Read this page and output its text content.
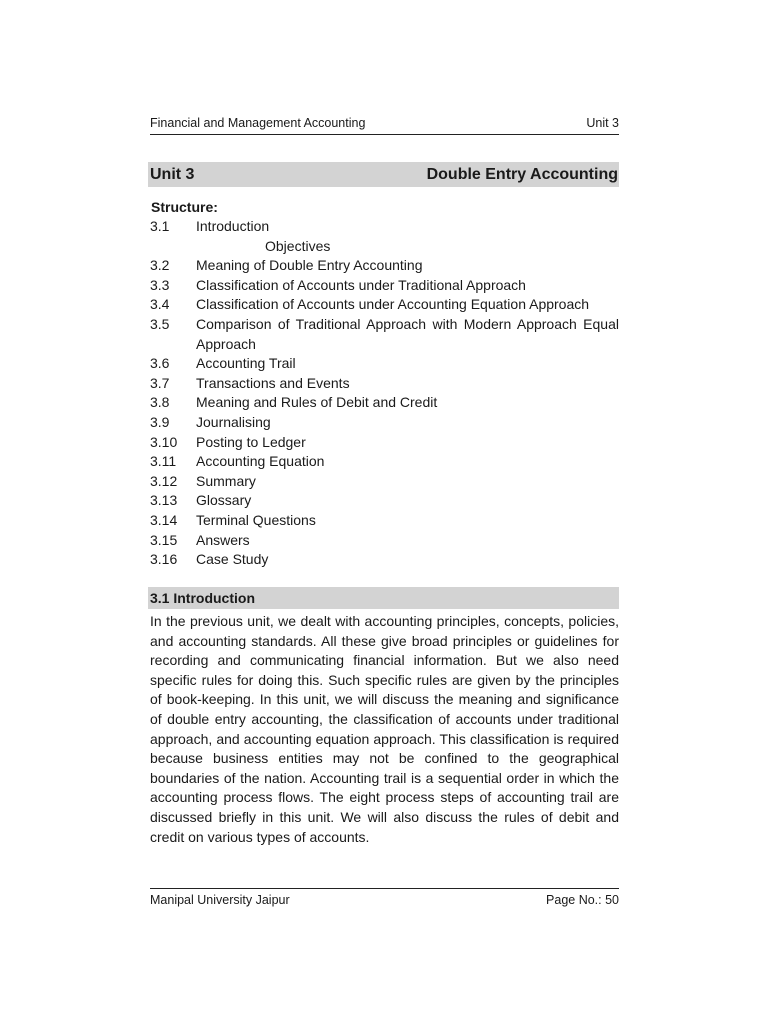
Financial and Management Accounting	Unit 3
Unit 3	Double Entry Accounting
Structure:
3.1	Introduction
Objectives
3.2	Meaning of Double Entry Accounting
3.3	Classification of Accounts under Traditional Approach
3.4	Classification of Accounts under Accounting Equation Approach
3.5	Comparison of Traditional Approach with Modern Approach Equal Approach
3.6	Accounting Trail
3.7	Transactions and Events
3.8	Meaning and Rules of Debit and Credit
3.9	Journalising
3.10	Posting to Ledger
3.11	Accounting Equation
3.12	Summary
3.13	Glossary
3.14	Terminal Questions
3.15	Answers
3.16	Case Study
3.1 Introduction
In the previous unit, we dealt with accounting principles, concepts, policies, and accounting standards. All these give broad principles or guidelines for recording and communicating financial information. But we also need specific rules for doing this. Such specific rules are given by the principles of book-keeping. In this unit, we will discuss the meaning and significance of double entry accounting, the classification of accounts under traditional approach, and accounting equation approach. This classification is required because business entities may not be confined to the geographical boundaries of the nation. Accounting trail is a sequential order in which the accounting process flows. The eight process steps of accounting trail are discussed briefly in this unit. We will also discuss the rules of debit and credit on various types of accounts.
Manipal University Jaipur	Page No.: 50
